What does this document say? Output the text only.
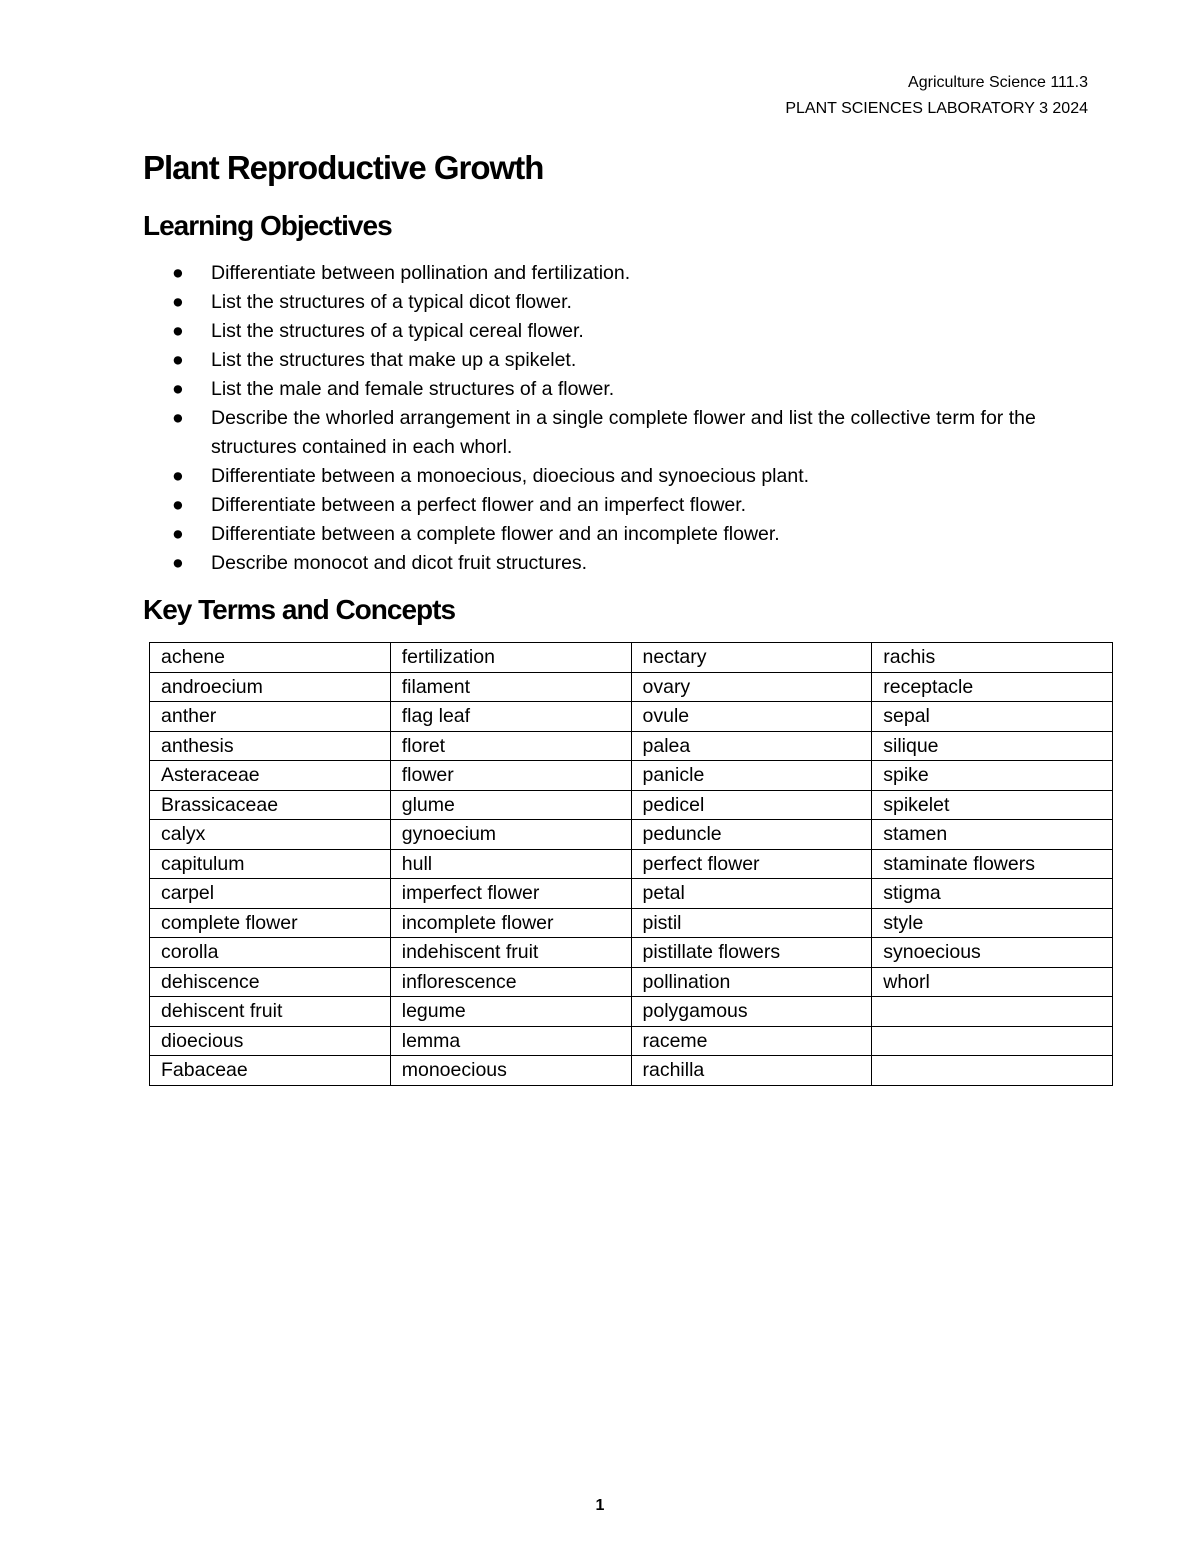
Agriculture Science 111.3
PLANT SCIENCES LABORATORY 3 2024
Plant Reproductive Growth
Learning Objectives
●	Differentiate between pollination and fertilization.
●	List the structures of a typical dicot flower.
●	List the structures of a typical cereal flower.
●	List the structures that make up a spikelet.
●	List the male and female structures of a flower.
●	Describe the whorled arrangement in a single complete flower and list the collective term for the structures contained in each whorl.
●	Differentiate between a monoecious, dioecious and synoecious plant.
●	Differentiate between a perfect flower and an imperfect flower.
●	Differentiate between a complete flower and an incomplete flower.
●	Describe monocot and dicot fruit structures.
Key Terms and Concepts
achene	fertilization	nectary	rachis
androecium	filament	ovary	receptacle
anther	flag leaf	ovule	sepal
anthesis	floret	palea	silique
Asteraceae	flower	panicle	spike
Brassicaceae	glume	pedicel	spikelet
calyx	gynoecium	peduncle	stamen
capitulum	hull	perfect flower	staminate flowers
carpel	imperfect flower	petal	stigma
complete flower	incomplete flower	pistil	style
corolla	indehiscent fruit	pistillate flowers	synoecious
dehiscence	inflorescence	pollination	whorl
dehiscent fruit	legume	polygamous	
dioecious	lemma	raceme	
Fabaceae	monoecious	rachilla	
1
